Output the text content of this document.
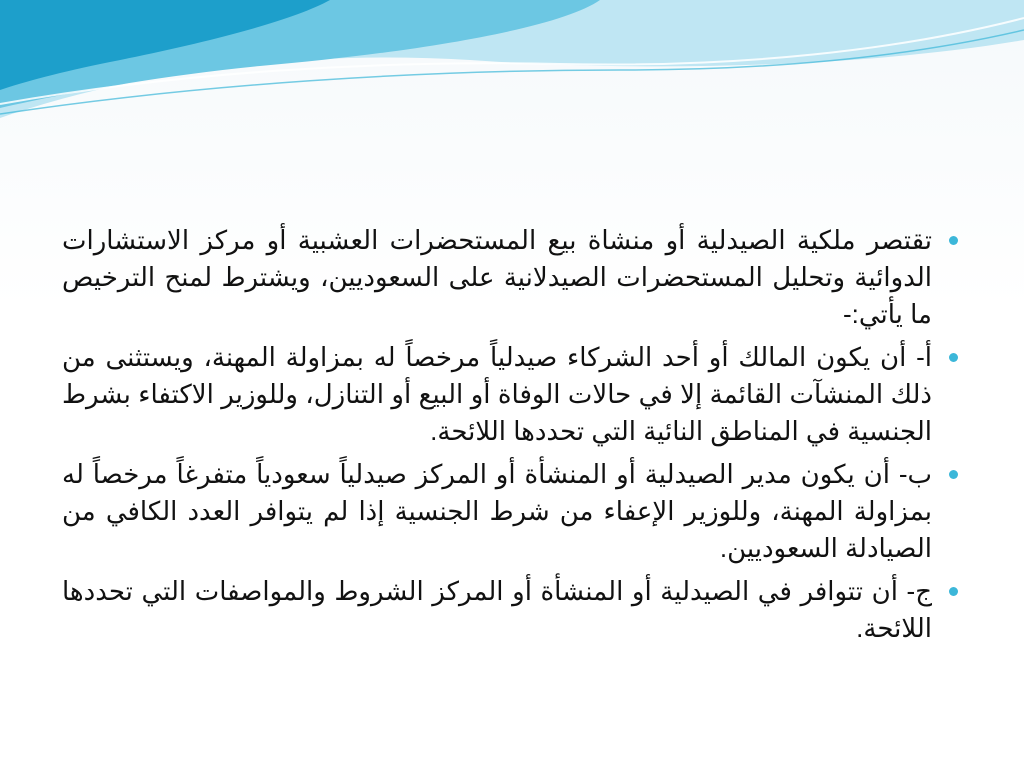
تقتصر ملكية الصيدلية أو منشاة بيع المستحضرات العشبية أو مركز الاستشارات الدوائية وتحليل المستحضرات الصيدلانية على السعوديين، ويشترط لمنح الترخيص ما يأتي:-
أ- أن يكون المالك أو أحد الشركاء صيدلياً مرخصاً له بمزاولة المهنة، ويستثنى من ذلك المنشآت القائمة إلا في حالات الوفاة أو البيع أو التنازل، وللوزير الاكتفاء بشرط الجنسية في المناطق النائية التي تحددها اللائحة.
ب- أن يكون مدير الصيدلية أو المنشأة أو المركز صيدلياً سعودياً متفرغاً مرخصاً له بمزاولة المهنة، وللوزير الإعفاء من شرط الجنسية إذا لم يتوافر العدد الكافي من الصيادلة السعوديين.
ج- أن تتوافر في الصيدلية أو المنشأة أو المركز الشروط والمواصفات التي تحددها اللائحة.
